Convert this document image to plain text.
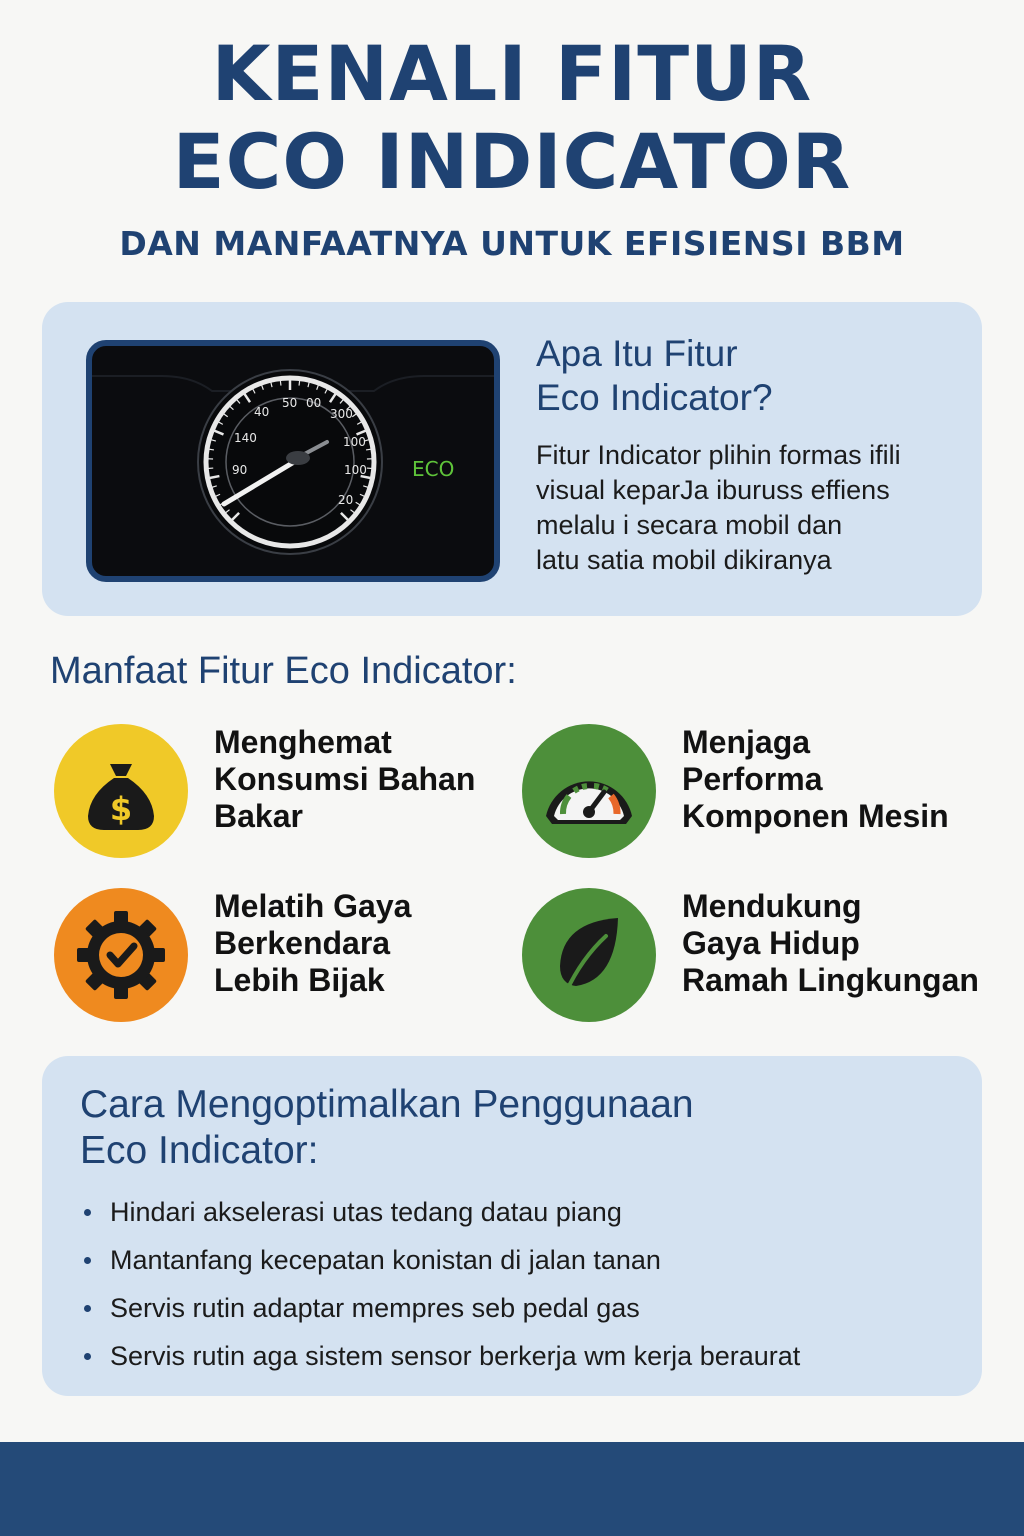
KENALI FITUR
ECO INDICATOR
DAN MANFAATNYA UNTUK EFISIENSI BBM
40
50 00
300
140	100
90	100
20
ECO
Apa Itu Fitur
Eco Indicator?
Fitur Indicator plihin formas ifili
visual keparJa iburuss effiens
melalu i secara mobil dan
latu satia mobil dikiranya
Manfaat Fitur Eco Indicator:
$
Menghemat
Konsumsi Bahan
Bakar
Menjaga
Performa
Komponen Mesin
Melatih Gaya
Berkendara
Lebih Bijak
Mendukung
Gaya Hidup
Ramah Lingkungan
Cara Mengoptimalkan Penggunaan
Eco Indicator:
Hindari akselerasi utas tedang datau piang
Mantanfang kecepatan konistan di jalan tanan
Servis rutin adaptar mempres seb pedal gas
Servis rutin aga sistem sensor berkerja wm kerja beraurat
